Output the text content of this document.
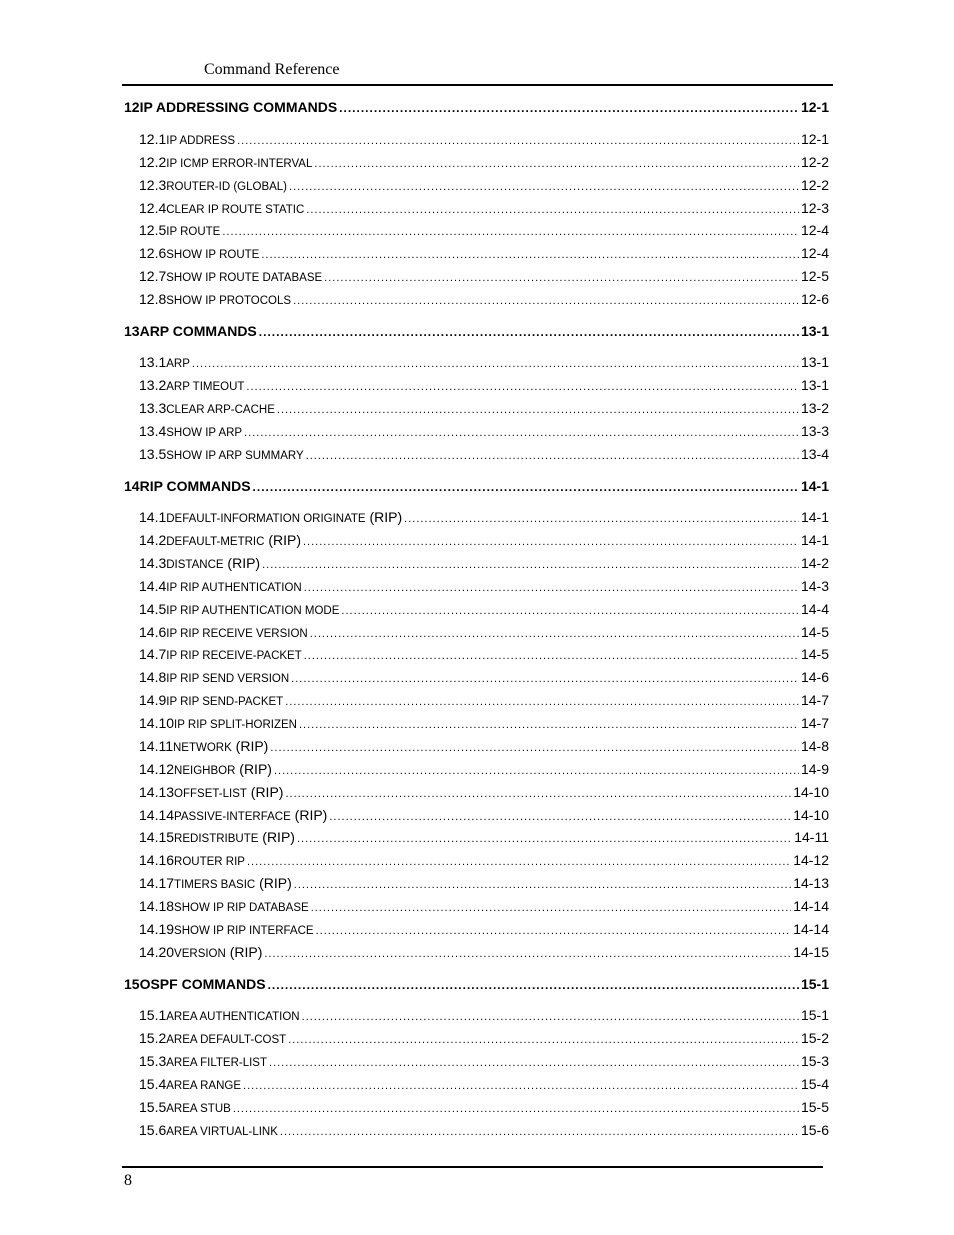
Command Reference
12 IP ADDRESSING COMMANDS .....	12-1
12.1 IP ADDRESS .....	12-1
12.2 IP ICMP ERROR-INTERVAL .....	12-2
12.3 ROUTER-ID (GLOBAL) .....	12-2
12.4 CLEAR IP ROUTE STATIC .....	12-3
12.5 IP ROUTE .....	12-4
12.6 SHOW IP ROUTE .....	12-4
12.7 SHOW IP ROUTE DATABASE .....	12-5
12.8 SHOW IP PROTOCOLS .....	12-6
13 ARP COMMANDS .....	13-1
13.1 ARP .....	13-1
13.2 ARP TIMEOUT .....	13-1
13.3 CLEAR ARP-CACHE .....	13-2
13.4 SHOW IP ARP .....	13-3
13.5 SHOW IP ARP SUMMARY .....	13-4
14 RIP COMMANDS .....	14-1
14.1 DEFAULT-INFORMATION ORIGINATE (RIP) .....	14-1
14.2 DEFAULT-METRIC (RIP) .....	14-1
14.3 DISTANCE (RIP) .....	14-2
14.4 IP RIP AUTHENTICATION .....	14-3
14.5 IP RIP AUTHENTICATION MODE .....	14-4
14.6 IP RIP RECEIVE VERSION .....	14-5
14.7 IP RIP RECEIVE-PACKET .....	14-5
14.8 IP RIP SEND VERSION .....	14-6
14.9 IP RIP SEND-PACKET .....	14-7
14.10 IP RIP SPLIT-HORIZEN .....	14-7
14.11 NETWORK (RIP) .....	14-8
14.12 NEIGHBOR (RIP) .....	14-9
14.13 OFFSET-LIST (RIP) .....	14-10
14.14 PASSIVE-INTERFACE (RIP) .....	14-10
14.15 REDISTRIBUTE (RIP) .....	14-11
14.16 ROUTER RIP .....	14-12
14.17 TIMERS BASIC (RIP) .....	14-13
14.18 SHOW IP RIP DATABASE .....	14-14
14.19 SHOW IP RIP INTERFACE .....	14-14
14.20 VERSION (RIP) .....	14-15
15 OSPF COMMANDS .....	15-1
15.1 AREA AUTHENTICATION .....	15-1
15.2 AREA DEFAULT-COST .....	15-2
15.3 AREA FILTER-LIST .....	15-3
15.4 AREA RANGE .....	15-4
15.5 AREA STUB .....	15-5
15.6 AREA VIRTUAL-LINK .....	15-6
8
